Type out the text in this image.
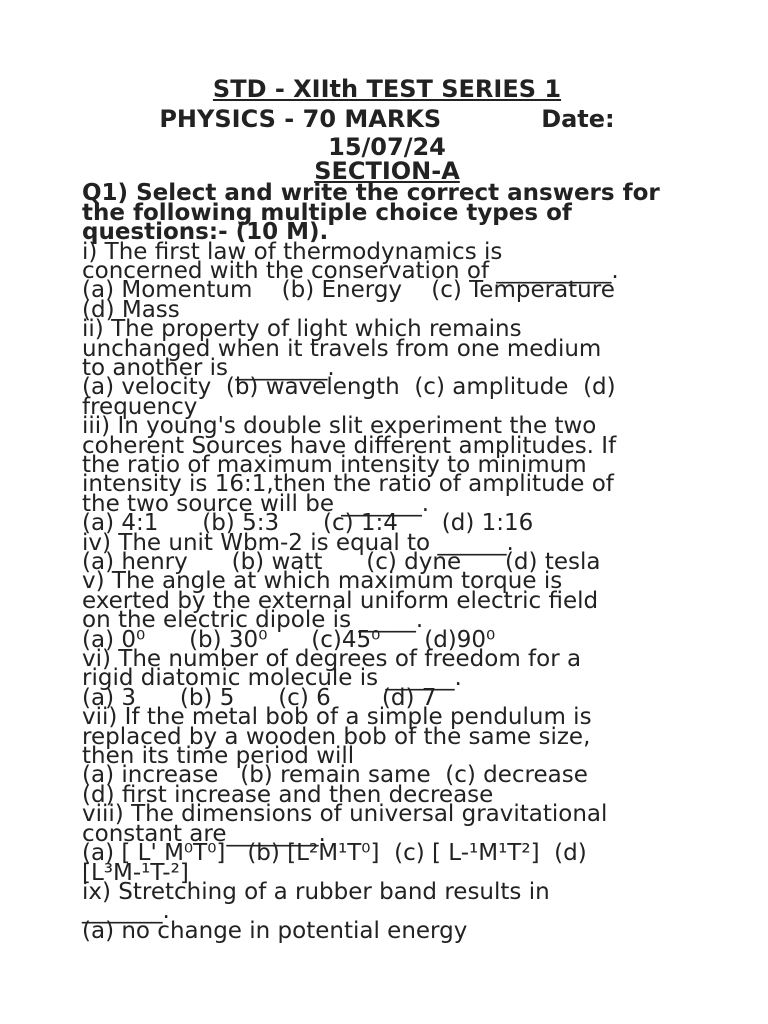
STD - XIIth TEST SERIES 1

PHYSICS - 70 MARKS	Date:

15/07/24

SECTION-A

Q1) Select and write the correct answers for the following multiple choice types of questions:- (10 M).

i) The first law of thermodynamics is

concerned with the conservation of __________.

(a) Momentum    (b) Energy    (c) Temperature

(d) Mass

ii) The property of light which remains

unchanged when it travels from one medium

to another is ________.

(a) velocity  (b) wavelength  (c) amplitude  (d)

frequency

iii) In young's double slit experiment the two

coherent Sources have different amplitudes. If

the ratio of maximum intensity to minimum

intensity is 16:1,then the ratio of amplitude of

the two source will be _______.

(a) 4:1      (b) 5:3      (c) 1:4      (d) 1:16

iv) The unit Wbm-2 is equal to ______.

(a) henry      (b) watt      (c) dyne      (d) tesla

v) The angle at which maximum torque is

exerted by the external uniform electric field

on the electric dipole is _____.

(a) 0⁰      (b) 30⁰      (c)45⁰      (d)90⁰

vi) The number of degrees of freedom for a

rigid diatomic molecule is ______.

(a) 3      (b) 5      (c) 6       (d) 7

vii) If the metal bob of a simple pendulum is

replaced by a wooden bob of the same size,

then its time period will

(a) increase   (b) remain same  (c) decrease

(d) first increase and then decrease

viii) The dimensions of universal gravitational

constant are________.

(a) [ L' M⁰T⁰]   (b) [L²M¹T⁰]  (c) [ L-¹M¹T²]  (d)

[L³M-¹T-²]

ix) Stretching of a rubber band results in

_______.

(a) no change in potential energy
